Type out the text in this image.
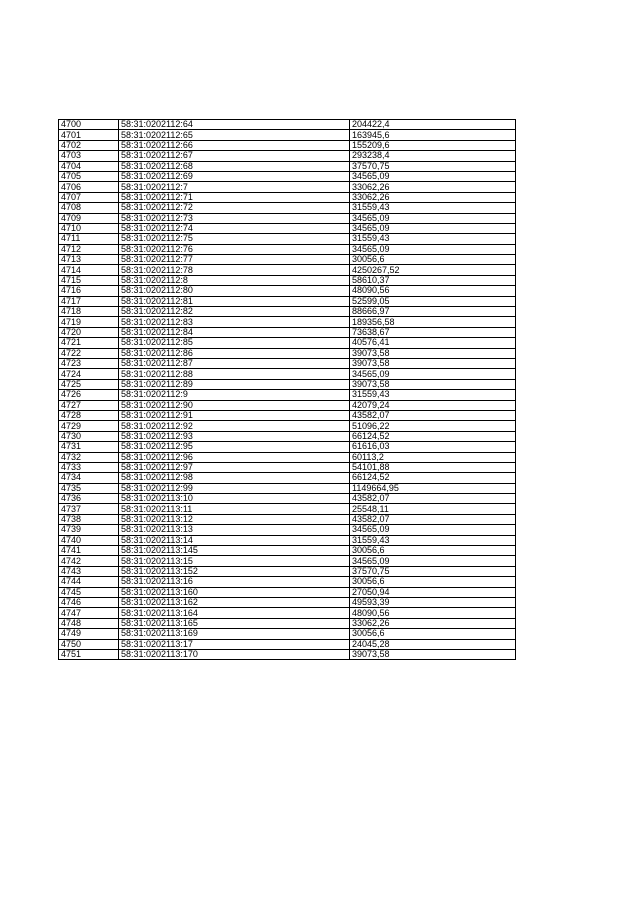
4700	58:31:0202112:64	204422,4
4701	58:31:0202112:65	163945,6
4702	58:31:0202112:66	155209,6
4703	58:31:0202112:67	293238,4
4704	58:31:0202112:68	37570,75
4705	58:31:0202112:69	34565,09
4706	58:31:0202112:7	33062,26
4707	58:31:0202112:71	33062,26
4708	58:31:0202112:72	31559,43
4709	58:31:0202112:73	34565,09
4710	58:31:0202112:74	34565,09
4711	58:31:0202112:75	31559,43
4712	58:31:0202112:76	34565,09
4713	58:31:0202112:77	30056,6
4714	58:31:0202112:78	4250267,52
4715	58:31:0202112:8	58610,37
4716	58:31:0202112:80	48090,56
4717	58:31:0202112:81	52599,05
4718	58:31:0202112:82	88666,97
4719	58:31:0202112:83	189356,58
4720	58:31:0202112:84	73638,67
4721	58:31:0202112:85	40576,41
4722	58:31:0202112:86	39073,58
4723	58:31:0202112:87	39073,58
4724	58:31:0202112:88	34565,09
4725	58:31:0202112:89	39073,58
4726	58:31:0202112:9	31559,43
4727	58:31:0202112:90	42079,24
4728	58:31:0202112:91	43582,07
4729	58:31:0202112:92	51096,22
4730	58:31:0202112:93	66124,52
4731	58:31:0202112:95	61616,03
4732	58:31:0202112:96	60113,2
4733	58:31:0202112:97	54101,88
4734	58:31:0202112:98	66124,52
4735	58:31:0202112:99	1149664,95
4736	58:31:0202113:10	43582,07
4737	58:31:0202113:11	25548,11
4738	58:31:0202113:12	43582,07
4739	58:31:0202113:13	34565,09
4740	58:31:0202113:14	31559,43
4741	58:31:0202113:145	30056,6
4742	58:31:0202113:15	34565,09
4743	58:31:0202113:152	37570,75
4744	58:31:0202113:16	30056,6
4745	58:31:0202113:160	27050,94
4746	58:31:0202113:162	49593,39
4747	58:31:0202113:164	48090,56
4748	58:31:0202113:165	33062,26
4749	58:31:0202113:169	30056,6
4750	58:31:0202113:17	24045,28
4751	58:31:0202113:170	39073,58
